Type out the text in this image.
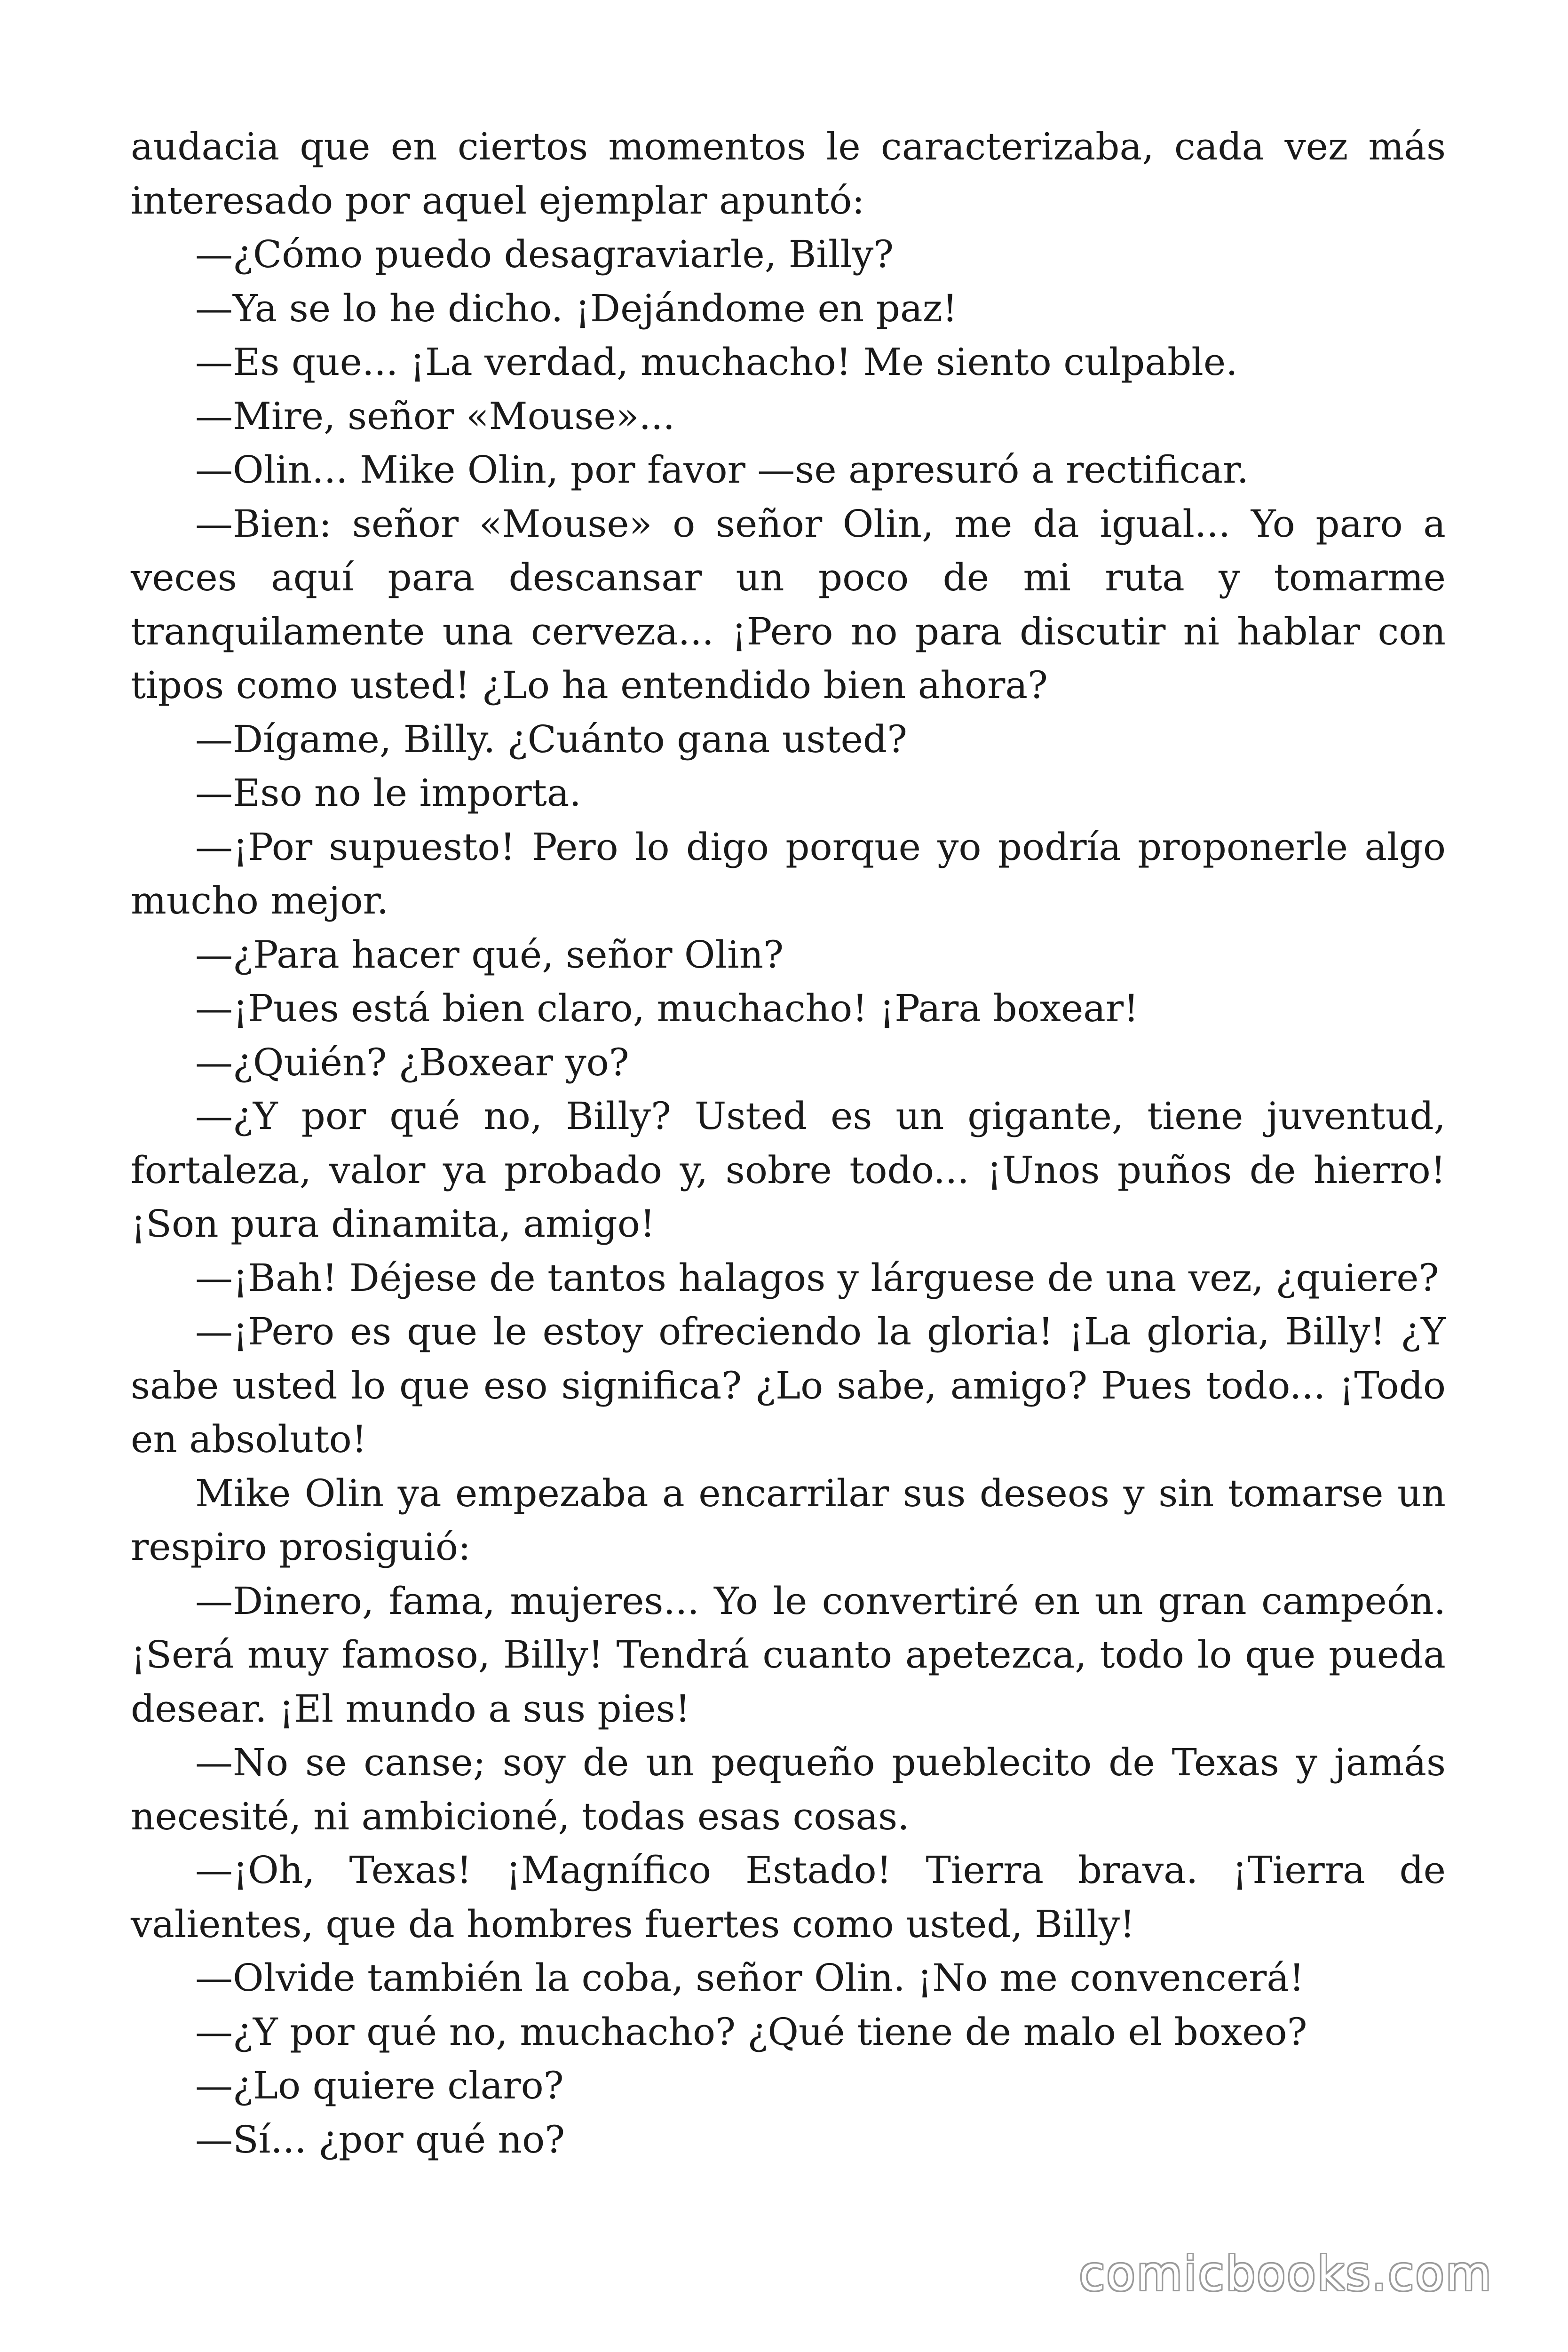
audacia que en ciertos momentos le caracterizaba, cada vez más interesado por aquel ejemplar apuntó:

—¿Cómo puedo desagraviarle, Billy?

—Ya se lo he dicho. ¡Dejándome en paz!

—Es que... ¡La verdad, muchacho! Me siento culpable.

—Mire, señor «Mouse»...

—Olin... Mike Olin, por favor —se apresuró a rectificar.

—Bien: señor «Mouse» o señor Olin, me da igual... Yo paro a veces aquí para descansar un poco de mi ruta y tomarme tranquilamente una cerveza... ¡Pero no para discutir ni hablar con tipos como usted! ¿Lo ha entendido bien ahora?

—Dígame, Billy. ¿Cuánto gana usted?

—Eso no le importa.

—¡Por supuesto! Pero lo digo porque yo podría proponerle algo mucho mejor.

—¿Para hacer qué, señor Olin?

—¡Pues está bien claro, muchacho! ¡Para boxear!

—¿Quién? ¿Boxear yo?

—¿Y por qué no, Billy? Usted es un gigante, tiene juventud, fortaleza, valor ya probado y, sobre todo... ¡Unos puños de hierro! ¡Son pura dinamita, amigo!

—¡Bah! Déjese de tantos halagos y lárguese de una vez, ¿quiere?

—¡Pero es que le estoy ofreciendo la gloria! ¡La gloria, Billy! ¿Y sabe usted lo que eso significa? ¿Lo sabe, amigo? Pues todo... ¡Todo en absoluto!

Mike Olin ya empezaba a encarrilar sus deseos y sin tomarse un respiro prosiguió:

—Dinero, fama, mujeres... Yo le convertiré en un gran campeón. ¡Será muy famoso, Billy! Tendrá cuanto apetezca, todo lo que pueda desear. ¡El mundo a sus pies!

—No se canse; soy de un pequeño pueblecito de Texas y jamás necesité, ni ambicioné, todas esas cosas.

—¡Oh, Texas! ¡Magnífico Estado! Tierra brava. ¡Tierra de valientes, que da hombres fuertes como usted, Billy!

—Olvide también la coba, señor Olin. ¡No me convencerá!

—¿Y por qué no, muchacho? ¿Qué tiene de malo el boxeo?

—¿Lo quiere claro?

—Sí... ¿por qué no?

comicbooks.com
